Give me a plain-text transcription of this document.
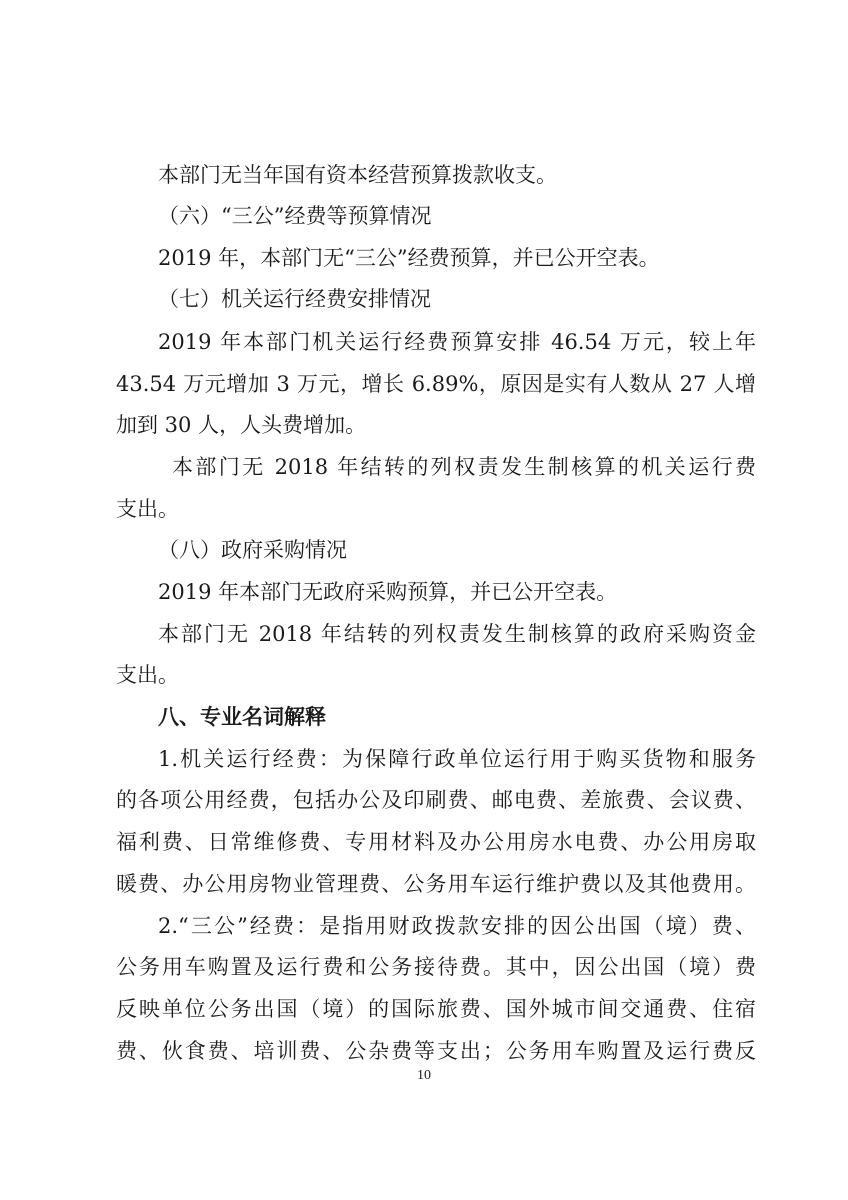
本部门无当年国有资本经营预算拨款收支。
（六）“三公”经费等预算情况
2019 年，本部门无“三公”经费预算，并已公开空表。
（七）机关运行经费安排情况
2019 年本部门机关运行经费预算安排 46.54 万元，较上年
43.54 万元增加 3 万元，增长 6.89%，原因是实有人数从 27 人增
加到 30 人，人头费增加。
本部门无 2018 年结转的列权责发生制核算的机关运行费
支出。
（八）政府采购情况
2019 年本部门无政府采购预算，并已公开空表。
本部门无 2018 年结转的列权责发生制核算的政府采购资金
支出。
八、专业名词解释
1.机关运行经费：为保障行政单位运行用于购买货物和服务
的各项公用经费，包括办公及印刷费、邮电费、差旅费、会议费、
福利费、日常维修费、专用材料及办公用房水电费、办公用房取
暖费、办公用房物业管理费、公务用车运行维护费以及其他费用。
2.“三公”经费：是指用财政拨款安排的因公出国（境）费、
公务用车购置及运行费和公务接待费。其中，因公出国（境）费
反映单位公务出国（境）的国际旅费、国外城市间交通费、住宿
费、伙食费、培训费、公杂费等支出；公务用车购置及运行费反
10
